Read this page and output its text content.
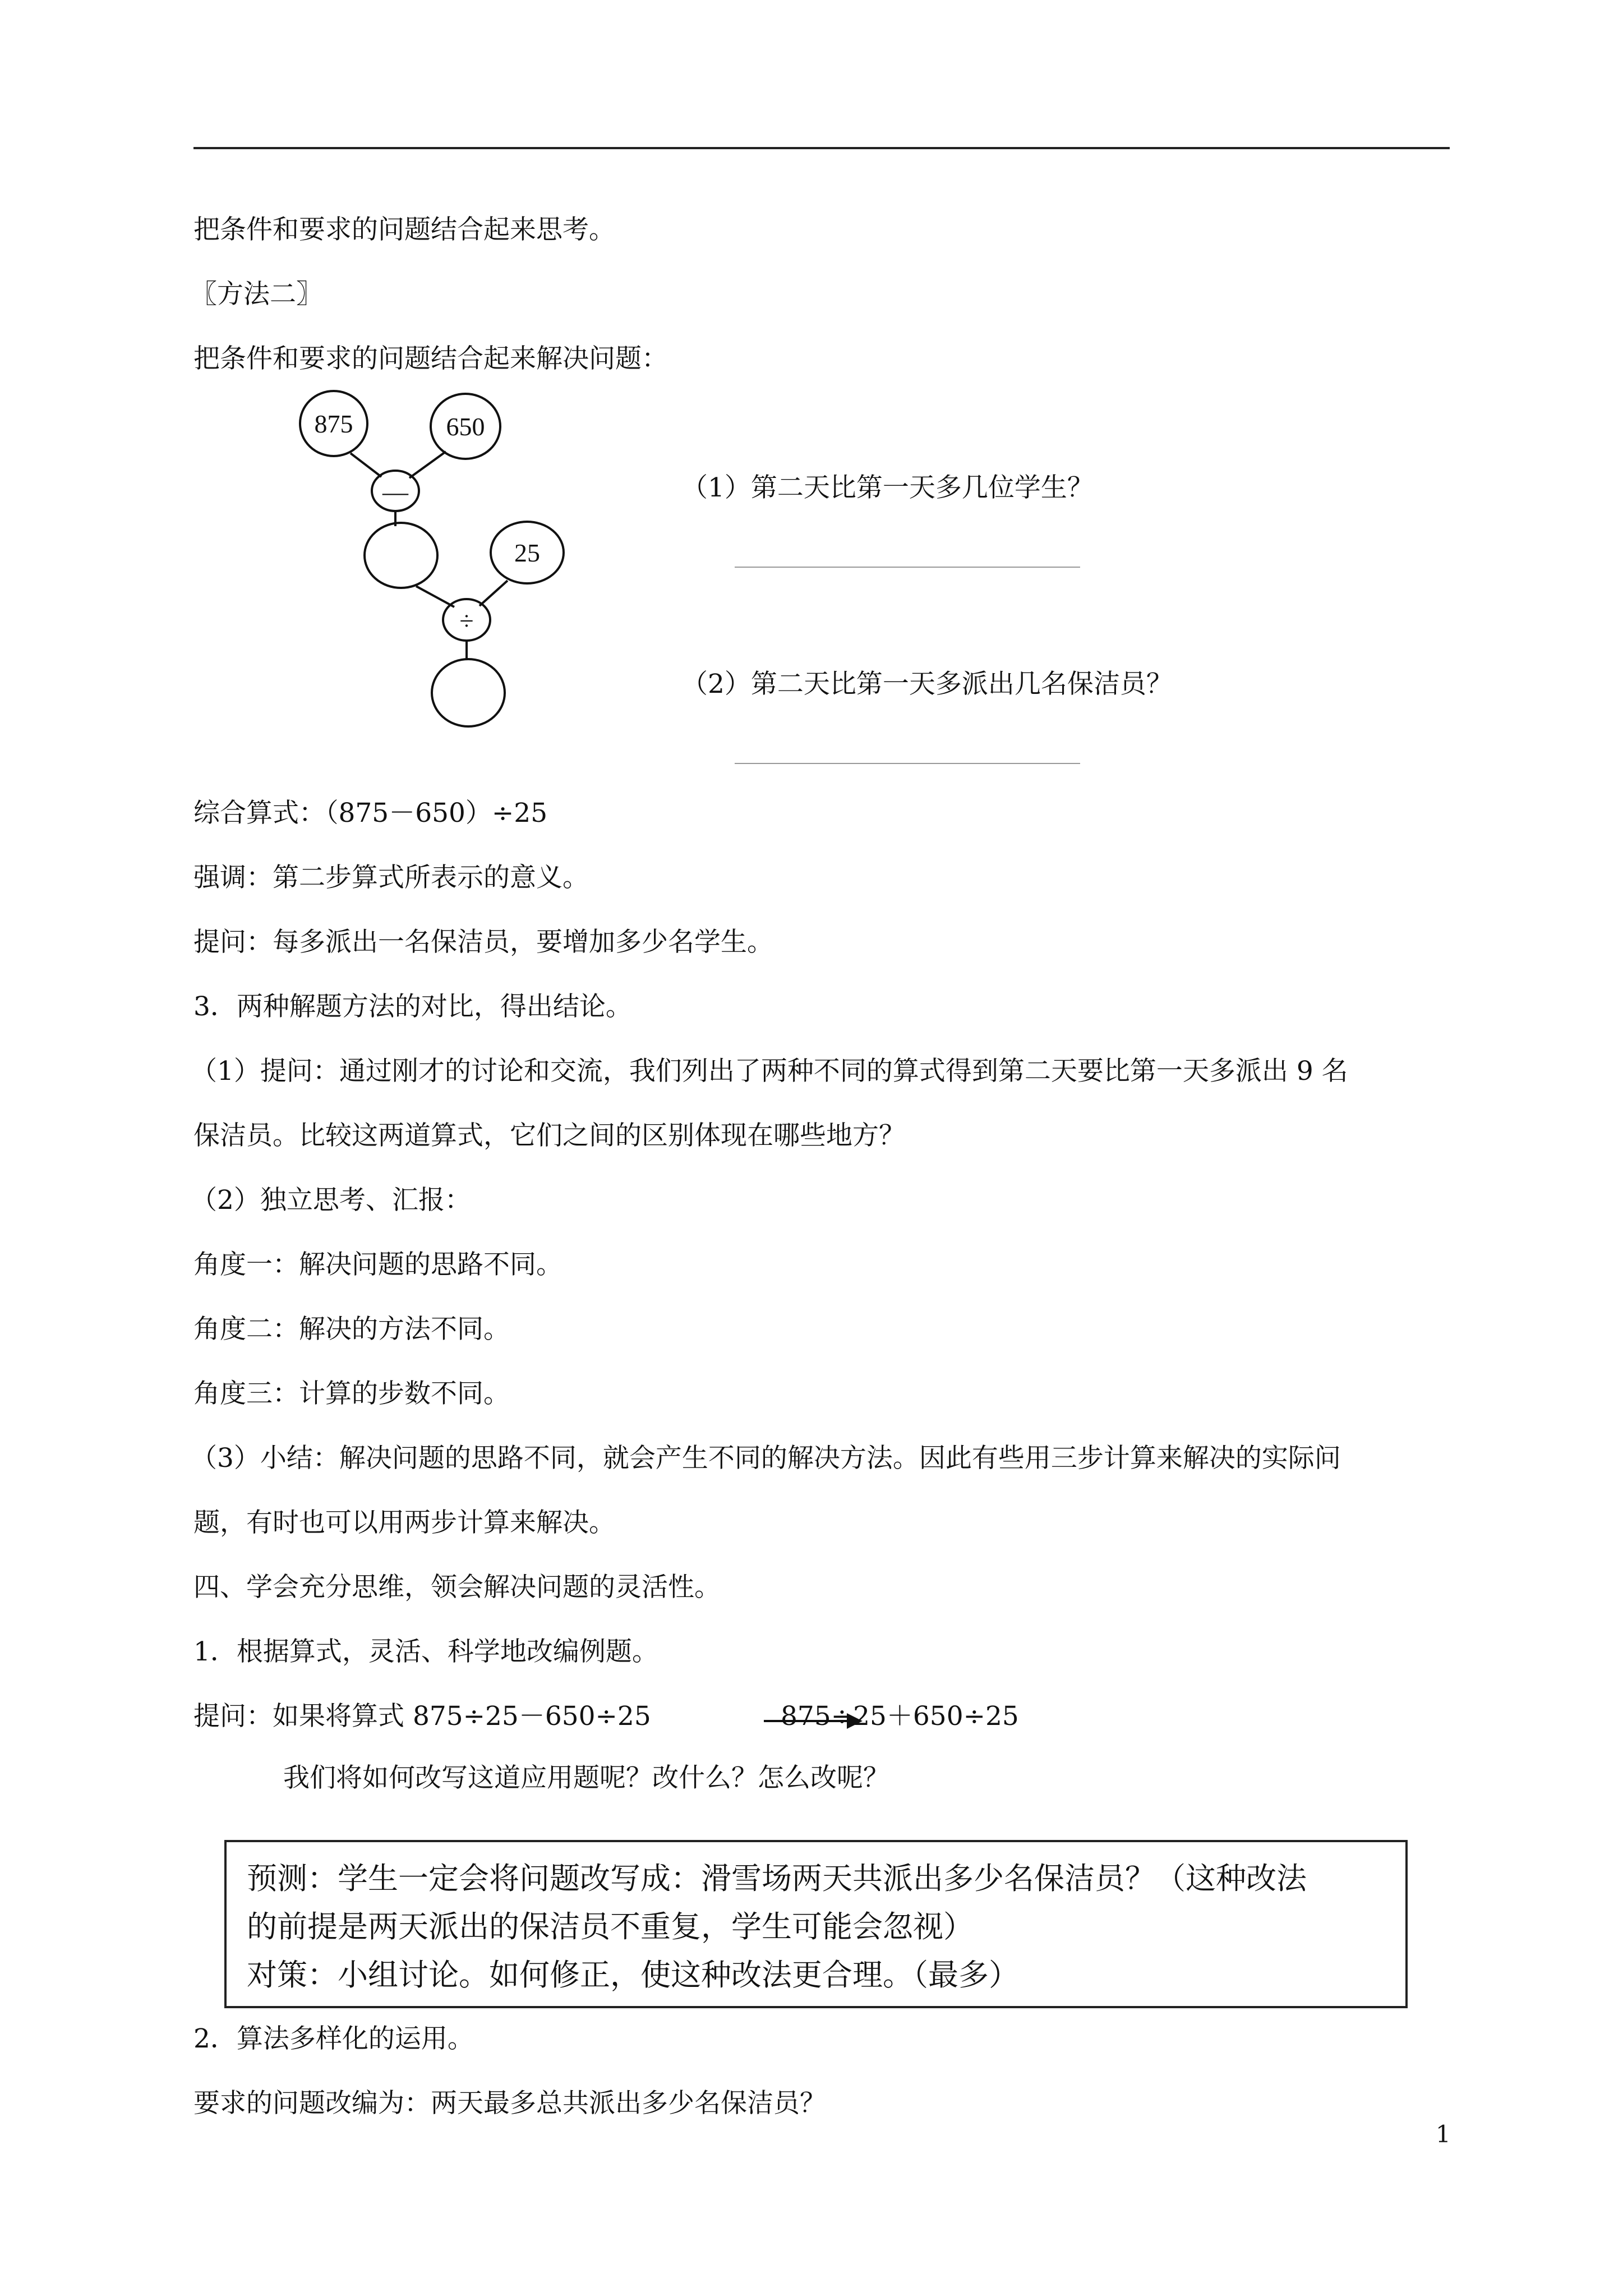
把条件和要求的问题结合起来思考。
〖方法二〗
把条件和要求的问题结合起来解决问题：
875	650
—
25
÷
（1）第二天比第一天多几位学生？
（2）第二天比第一天多派出几名保洁员？
综合算式：（875－650）÷25
强调：第二步算式所表示的意义。
提问：每多派出一名保洁员，要增加多少名学生。
3．两种解题方法的对比，得出结论。
（1）提问：通过刚才的讨论和交流，我们列出了两种不同的算式得到第二天要比第一天多派出 9 名
保洁员。比较这两道算式，它们之间的区别体现在哪些地方？
（2）独立思考、汇报：
角度一：解决问题的思路不同。
角度二：解决的方法不同。
角度三：计算的步数不同。
（3）小结：解决问题的思路不同，就会产生不同的解决方法。因此有些用三步计算来解决的实际问
题，有时也可以用两步计算来解决。
四、学会充分思维，领会解决问题的灵活性。
1．根据算式，灵活、科学地改编例题。
提问：如果将算式 875÷25－650÷25	875÷25＋650÷25
我们将如何改写这道应用题呢？改什么？怎么改呢？
预测：学生一定会将问题改写成：滑雪场两天共派出多少名保洁员？（这种改法
的前提是两天派出的保洁员不重复，学生可能会忽视）
对策：小组讨论。如何修正，使这种改法更合理。（最多）
2．算法多样化的运用。
要求的问题改编为：两天最多总共派出多少名保洁员？
1
